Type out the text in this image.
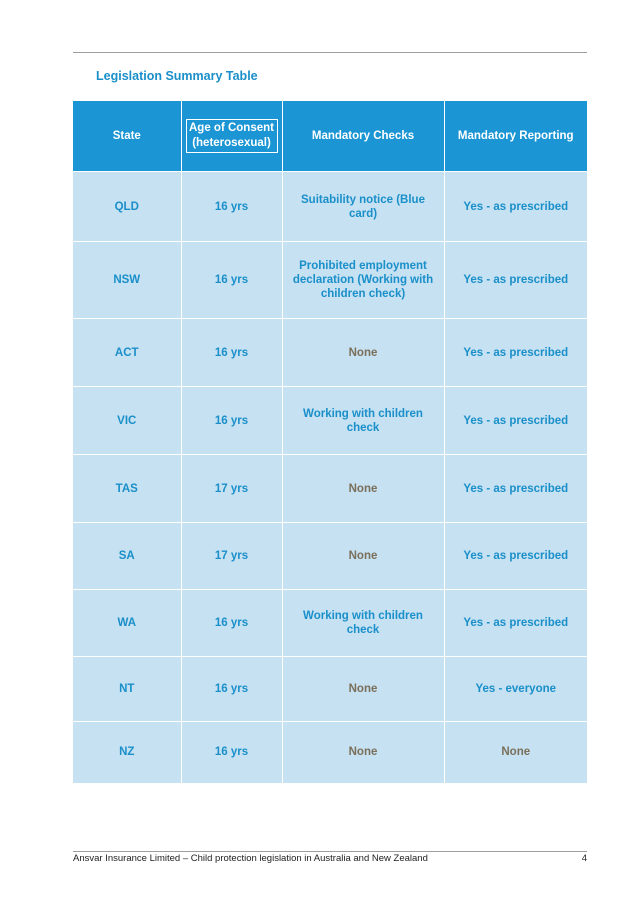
Legislation Summary Table
State	Age of Consent (heterosexual)	Mandatory Checks	Mandatory Reporting
QLD	16 yrs	Suitability notice (Blue card)	Yes - as prescribed
NSW	16 yrs	Prohibited employment declaration (Working with children check)	Yes - as prescribed
ACT	16 yrs	None	Yes - as prescribed
VIC	16 yrs	Working with children check	Yes - as prescribed
TAS	17 yrs	None	Yes - as prescribed
SA	17 yrs	None	Yes - as prescribed
WA	16 yrs	Working with children check	Yes - as prescribed
NT	16 yrs	None	Yes - everyone
NZ	16 yrs	None	None
Ansvar Insurance Limited – Child protection legislation in Australia and New Zealand	4
